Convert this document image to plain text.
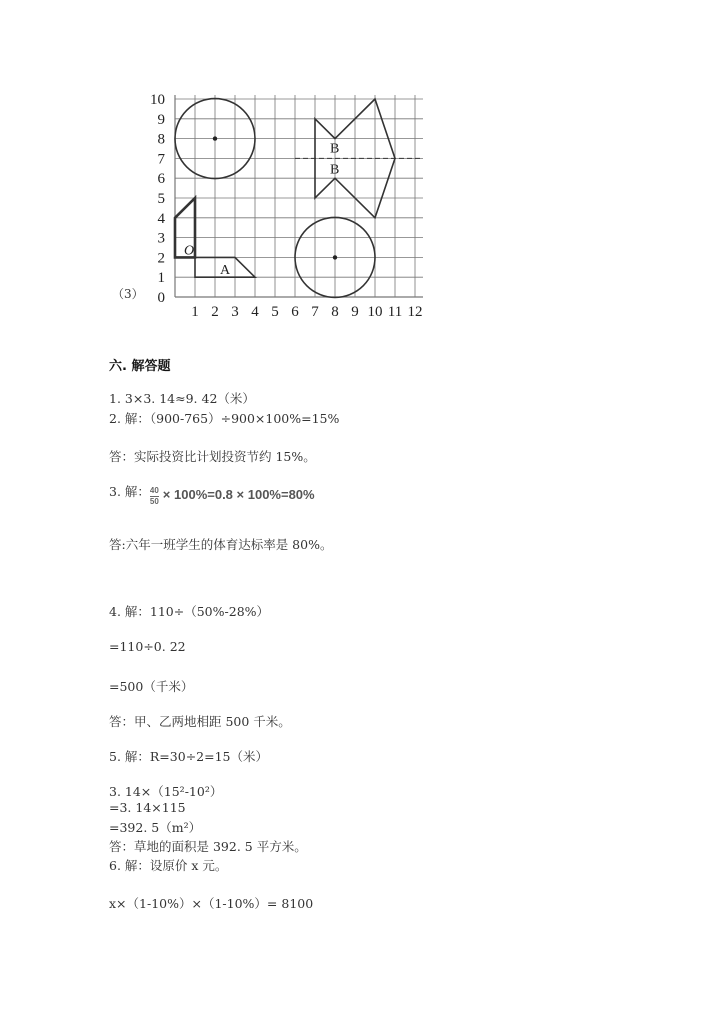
1 2 3 4 5 6 7 8 9 10 11 12
0
1
2
3
4
5
6
7
8
9
10
O
A
B
B
（3）
六. 解答题
1. 3×3. 14≈9. 42（米）
2. 解：（900-765）÷900×100%=15%
答：实际投资比计划投资节约 15%。
3. 解： $\frac{40}{50} \times 100\%=0.8 \times 100\%=80\%$
答:六年一班学生的体育达标率是 80%。
4. 解：110÷（50%-28%）
=110÷0. 22
=500（千米）
答：甲、乙两地相距 500 千米。
5. 解：R=30÷2=15（米）
3. 14×（15²-10²）
=3. 14×115
=392. 5（m²）
答：草地的面积是 392. 5 平方米。
6. 解：设原价 x 元。
x×（1-10%）×（1-10%）= 8100
